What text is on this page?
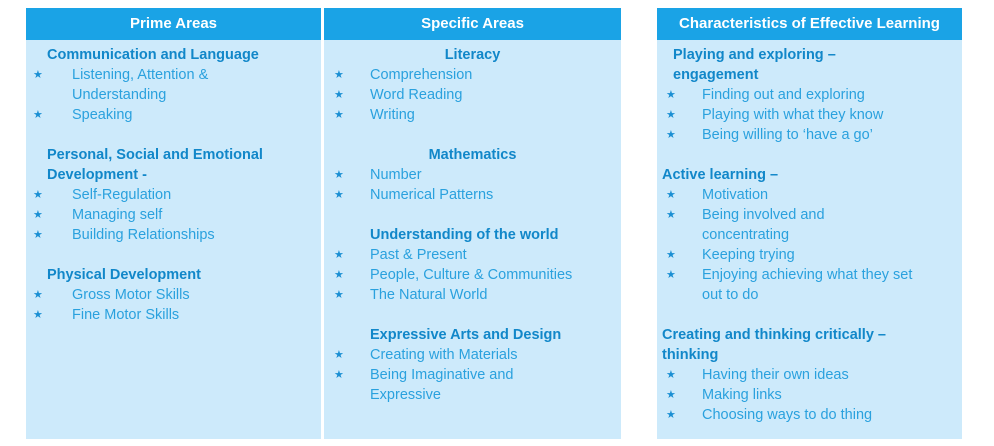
Prime Areas
Communication and Language
★ Listening, Attention &
Understanding
★ Speaking
Personal, Social and Emotional
Development -
★ Self-Regulation
★ Managing self
★ Building Relationships
Physical Development
★ Gross Motor Skills
★ Fine Motor Skills
Specific Areas
Literacy
★ Comprehension
★ Word Reading
★ Writing
Mathematics
★ Number
★ Numerical Patterns
Understanding of the world
★ Past & Present
★ People, Culture & Communities
★ The Natural World
Expressive Arts and Design
★ Creating with Materials
★ Being Imaginative and
Expressive
Characteristics of Effective Learning
Playing and exploring –
engagement
★ Finding out and exploring
★ Playing with what they know
★ Being willing to ‘have a go’
Active learning –
★ Motivation
★ Being involved and
concentrating
★ Keeping trying
★ Enjoying achieving what they set
out to do
Creating and thinking critically –
thinking
★ Having their own ideas
★ Making links
★ Choosing ways to do thing
